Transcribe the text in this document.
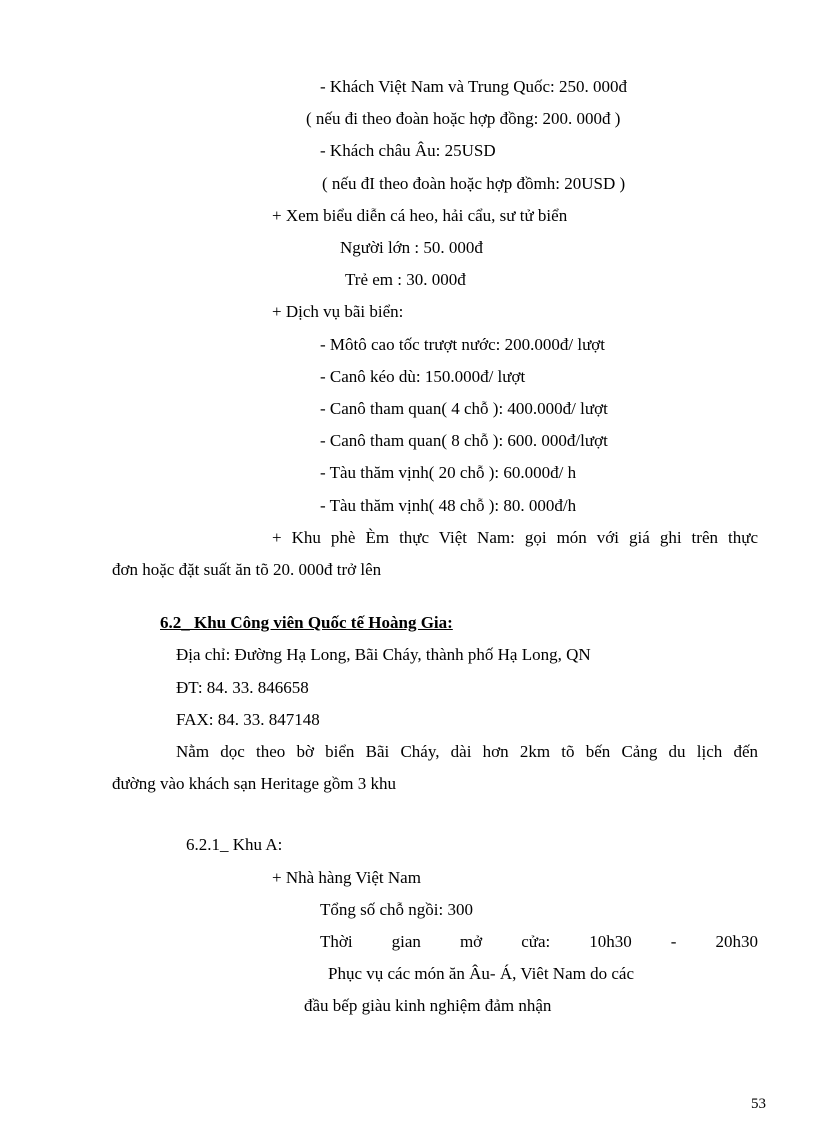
- Khách Việt Nam và Trung Quốc: 250. 000đ
( nếu đi theo đoàn hoặc hợp đồng: 200. 000đ )
- Khách châu Âu: 25USD
( nếu đI theo đoàn hoặc hợp đồmh: 20USD )
+ Xem biểu diễn cá heo, hải cẩu, sư tử biển
Người lớn : 50. 000đ
Trẻ em : 30. 000đ
+ Dịch vụ bãi biển:
- Môtô cao tốc trượt nước: 200.000đ/ lượt
- Canô kéo dù: 150.000đ/ lượt
- Canô tham quan( 4 chỗ ): 400.000đ/ lượt
- Canô tham quan( 8 chỗ ): 600. 000đ/lượt
- Tàu thăm vịnh( 20 chỗ ): 60.000đ/ h
- Tàu thăm vịnh( 48 chỗ ): 80. 000đ/h
+ Khu phè Èm thực Việt Nam: gọi món với giá ghi trên thực
đơn hoặc đặt suất ăn tõ 20. 000đ trở lên
6.2_ Khu Công viên Quốc tế Hoàng Gia:
Địa chỉ: Đường Hạ Long, Bãi Cháy, thành phố Hạ Long, QN
ĐT: 84. 33. 846658
FAX: 84. 33. 847148
Nằm dọc theo bờ biển Bãi Cháy, dài hơn 2km tõ bến Cảng du lịch đến
đường vào khách sạn Heritage gồm 3 khu
6.2.1_ Khu A:
+ Nhà hàng Việt Nam
Tổng số chỗ ngồi: 300
Thời gian mở cửa: 10h30 - 20h30
Phục vụ các món ăn Âu- Á, Viêt Nam do các
đầu bếp giàu kinh nghiệm đảm nhận
53
